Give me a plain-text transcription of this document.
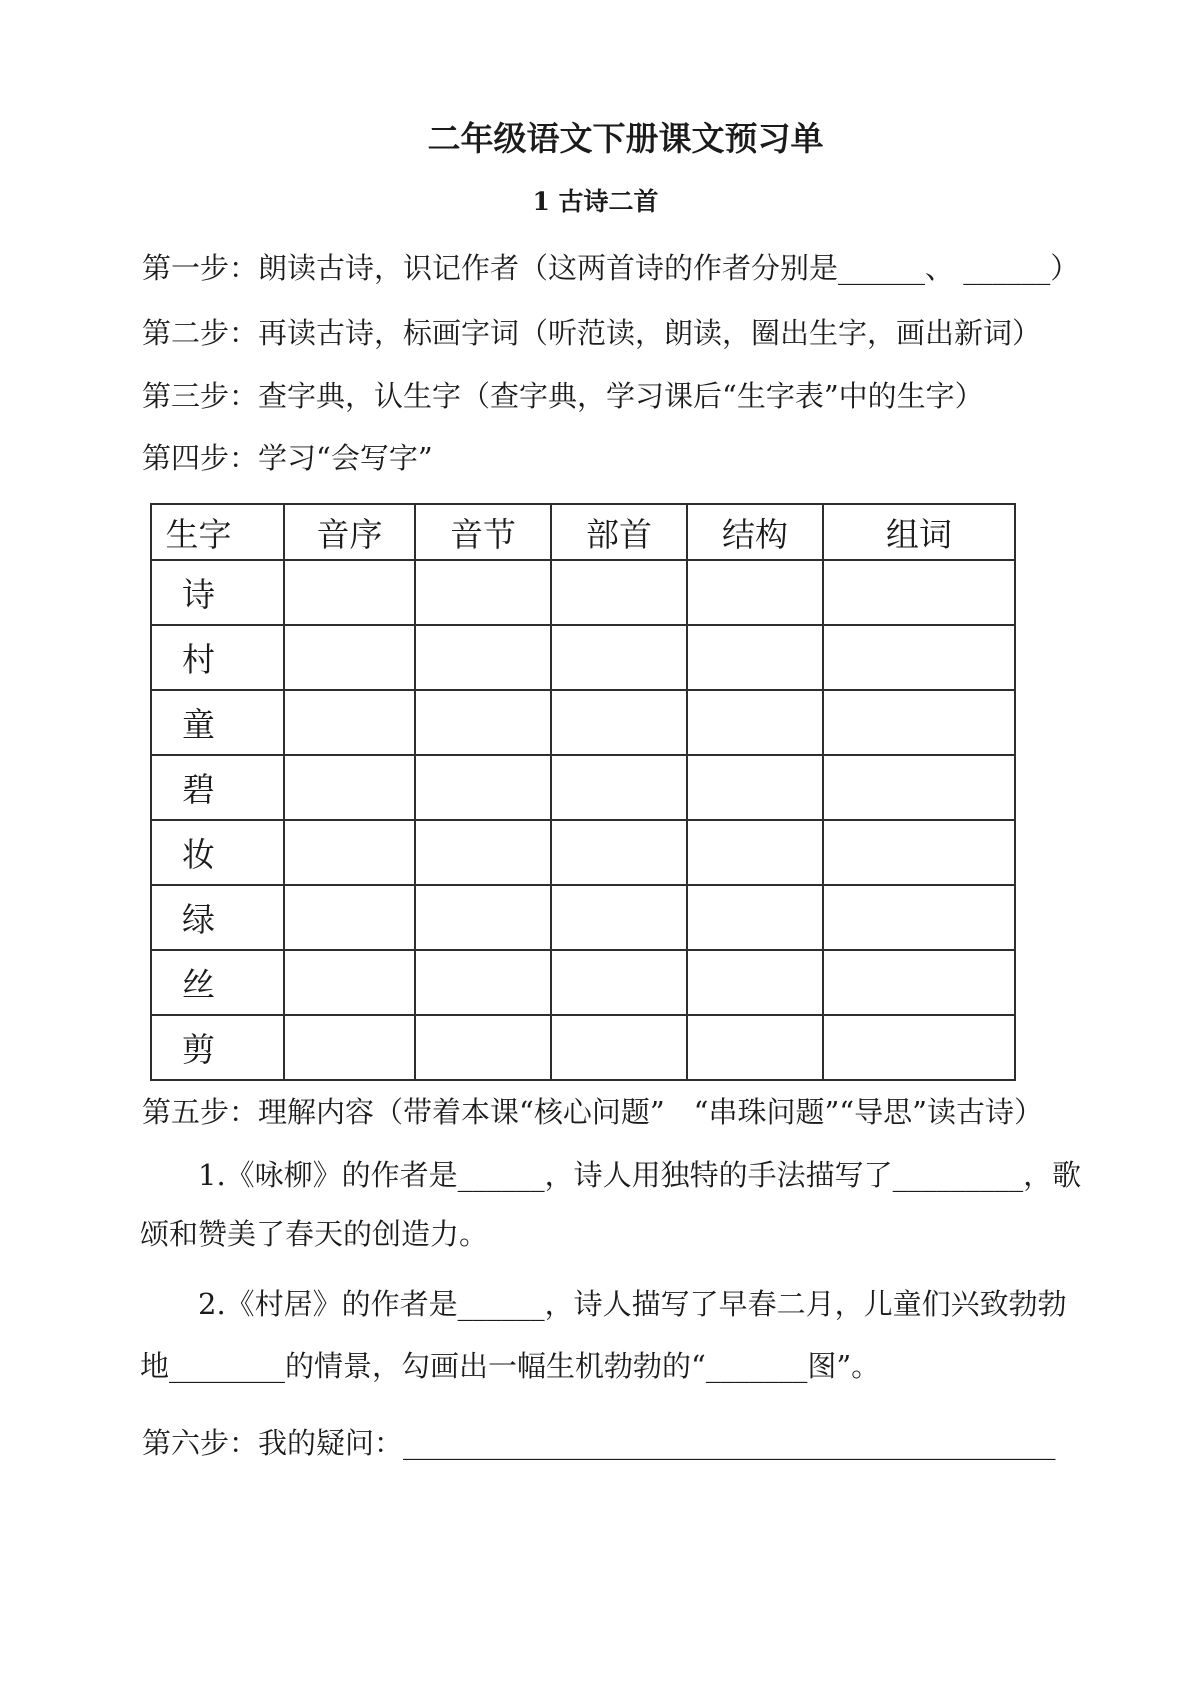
二年级语文下册课文预习单
1 古诗二首
第一步：朗读古诗，识记作者（这两首诗的作者分别是______、 ______）
第二步：再读古诗，标画字词（听范读，朗读，圈出生字，画出新词）
第三步：查字典，认生字（查字典，学习课后“生字表”中的生字）
第四步：学习“会写字”
生字	音序	音节	部首	结构	组词
诗					
村					
童					
碧					
妆					
绿					
丝					
剪					
第五步：理解内容（带着本课“核心问题”　“串珠问题”“导思”读古诗）
1.《咏柳》的作者是______，诗人用独特的手法描写了_________，歌
颂和赞美了春天的创造力。
2.《村居》的作者是______，诗人描写了早春二月，儿童们兴致勃勃
地________的情景，勾画出一幅生机勃勃的“_______图”。
第六步：我的疑问：_____________________________________________
